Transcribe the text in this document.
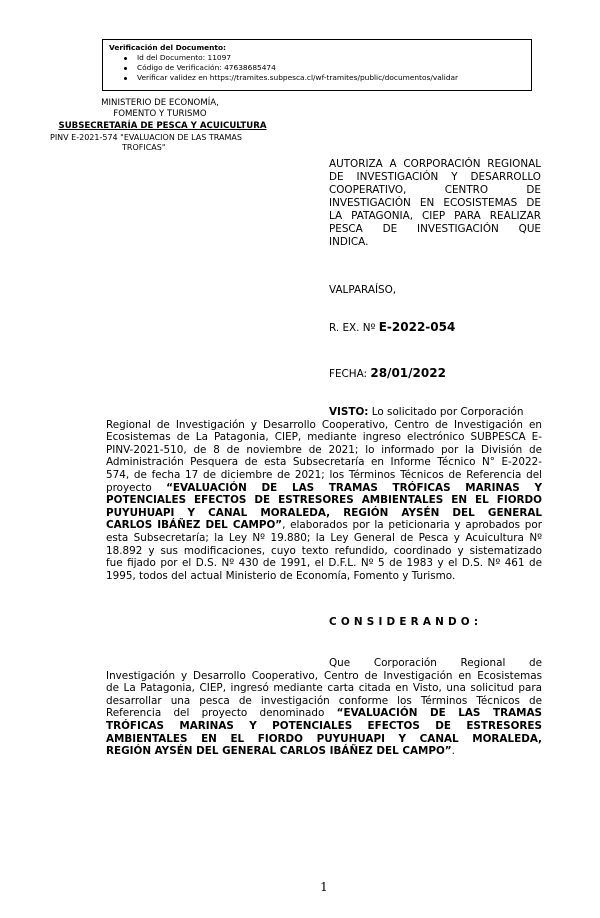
Verificación del Documento:
Id del Documento: 11097
Código de Verificación: 47638685474
Verificar validez en https://tramites.subpesca.cl/wf-tramites/public/documentos/validar
MINISTERIO DE ECONOMÍA,
FOMENTO Y TURISMO
SUBSECRETARÍA DE PESCA Y ACUICULTURA
PINV E-2021-574 "EVALUACION DE LAS TRAMAS
TROFICAS"
AUTORIZA A CORPORACIÓN REGIONAL
DE INVESTIGACIÓN Y DESARROLLO
COOPERATIVO, CENTRO DE
INVESTIGACIÓN EN ECOSISTEMAS DE
LA PATAGONIA, CIEP PARA REALIZAR
PESCA DE INVESTIGACIÓN QUE
INDICA.
VALPARAÍSO,
R. EX. Nº E-2022-054
FECHA: 28/01/2022
VISTO: Lo solicitado por Corporación
Regional de Investigación y Desarrollo Cooperativo, Centro de Investigación en
Ecosistemas de La Patagonia, CIEP, mediante ingreso electrónico SUBPESCA E-
PINV-2021-510, de 8 de noviembre de 2021; lo informado por la División de
Administración Pesquera de esta Subsecretaría en Informe Técnico N° E-2022-
574, de fecha 17 de diciembre de 2021; los Términos Técnicos de Referencia del
proyecto “EVALUACIÓN DE LAS TRAMAS TRÓFICAS MARINAS Y
POTENCIALES EFECTOS DE ESTRESORES AMBIENTALES EN EL FIORDO
PUYUHUAPI Y CANAL MORALEDA, REGIÓN AYSÉN DEL GENERAL
CARLOS IBÁÑEZ DEL CAMPO”, elaborados por la peticionaria y aprobados por
esta Subsecretaría; la Ley Nº 19.880; la Ley General de Pesca y Acuicultura Nº
18.892 y sus modificaciones, cuyo texto refundido, coordinado y sistematizado
fue fijado por el D.S. Nº 430 de 1991, el D.F.L. Nº 5 de 1983 y el D.S. Nº 461 de
1995, todos del actual Ministerio de Economía, Fomento y Turismo.
CONSIDERANDO:
Que Corporación Regional de
Investigación y Desarrollo Cooperativo, Centro de Investigación en Ecosistemas
de La Patagonia, CIEP, ingresó mediante carta citada en Visto, una solicitud para
desarrollar una pesca de investigación conforme los Términos Técnicos de
Referencia del proyecto denominado “EVALUACIÓN DE LAS TRAMAS
TRÓFICAS MARINAS Y POTENCIALES EFECTOS DE ESTRESORES
AMBIENTALES EN EL FIORDO PUYUHUAPI Y CANAL MORALEDA,
REGIÓN AYSÉN DEL GENERAL CARLOS IBÁÑEZ DEL CAMPO”.
1
